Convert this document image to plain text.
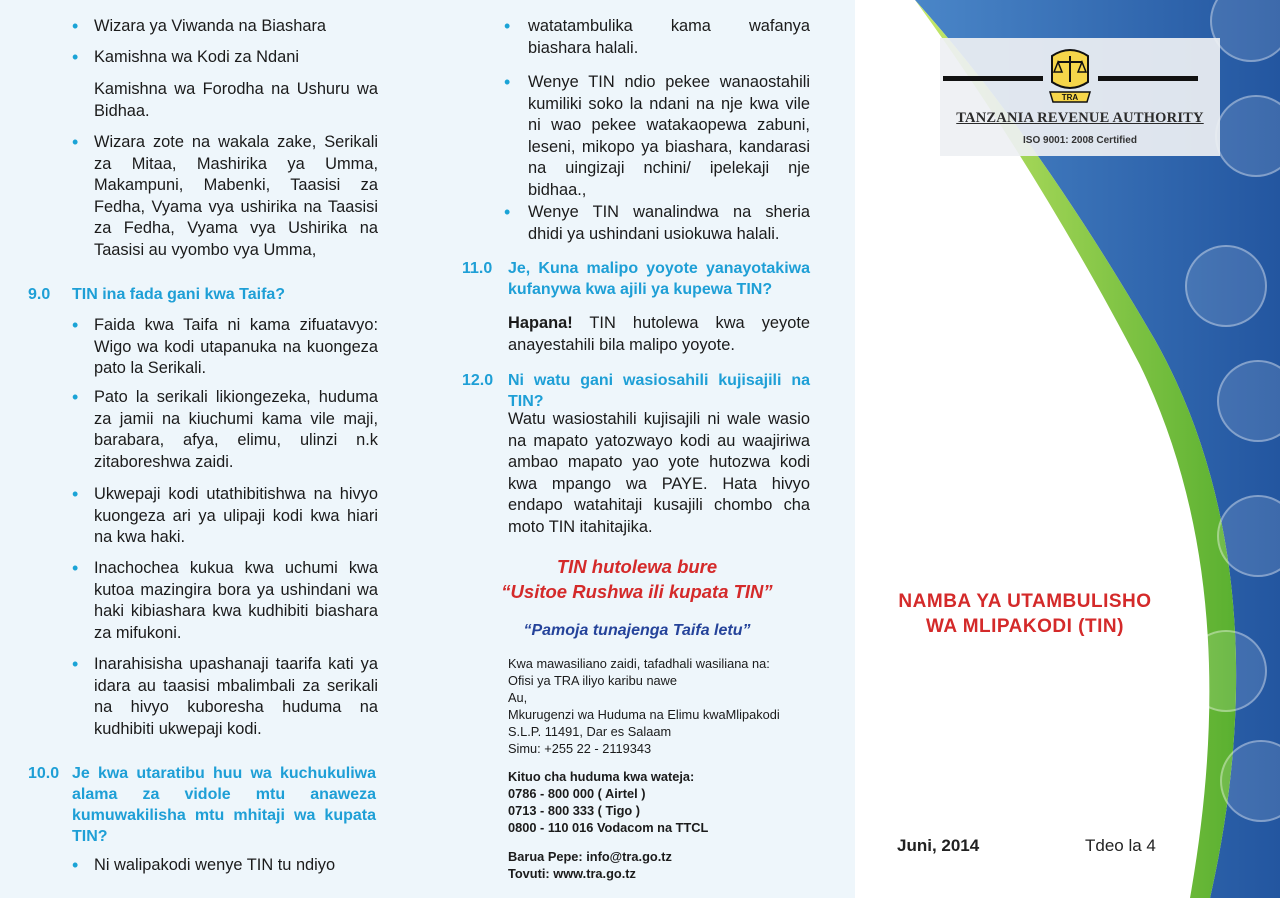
• Wizara ya Viwanda na Biashara

• Kamishna wa Kodi za Ndani

Kamishna wa Forodha na Ushuru wa Bidhaa.

• Wizara zote na wakala zake, Serikali za Mitaa, Mashirika ya Umma, Makampuni, Mabenki, Taasisi za Fedha, Vyama vya ushirika na Taasisi za Fedha, Vyama vya Ushirika na Taasisi au vyombo vya Umma,

9.0 TIN ina fada gani kwa Taifa?

• Faida kwa Taifa ni kama zifuatavyo: Wigo wa kodi utapanuka na kuongeza pato la Serikali.

• Pato la serikali likiongezeka, huduma za jamii na kiuchumi kama vile maji, barabara, afya, elimu, ulinzi n.k zitaboreshwa zaidi.

• Ukwepaji kodi utathibitishwa na hivyo kuongeza ari ya ulipaji kodi kwa hiari na kwa haki.

• Inachochea kukua kwa uchumi kwa kutoa mazingira bora ya ushindani wa haki kibiashara kwa kudhibiti biashara za mifukoni.

• Inarahisisha upashanaji taarifa kati ya idara au taasisi mbalimbali za serikali na hivyo kuboresha huduma na kudhibiti ukwepaji kodi.

10.0 Je kwa utaratibu huu wa kuchukuliwa alama za vidole mtu anaweza kumuwakilisha mtu mhitaji wa kupata TIN?

• Ni walipakodi wenye TIN tu ndiyo

• watatambulika kama wafanya biashara halali.

• Wenye TIN ndio pekee wanaostahili kumiliki soko la ndani na nje kwa vile ni wao pekee watakaopewa zabuni, leseni, mikopo ya biashara, kandarasi na uingizaji nchini/ ipelekaji nje bidhaa.,

• Wenye TIN wanalindwa na sheria dhidi ya ushindani usiokuwa halali.

11.0 Je, Kuna malipo yoyote yanayotakiwa kufanywa kwa ajili ya kupewa TIN?

Hapana! TIN hutolewa kwa yeyote anayestahili bila malipo yoyote.

12.0 Ni watu gani wasiosahili kujisajili na TIN?

Watu wasiostahili kujisajili ni wale wasio na mapato yatozwayo kodi au waajiriwa ambao mapato yao yote hutozwa kodi kwa mpango wa PAYE. Hata hivyo endapo watahitaji kusajili chombo cha moto TIN itahitajika.

TIN hutolewa bure

“Usitoe Rushwa ili kupata TIN”

“Pamoja tunajenga Taifa letu”

Kwa mawasiliano zaidi, tafadhali wasiliana na:

Ofisi ya TRA iliyo karibu nawe

Au,

Mkurugenzi wa Huduma na Elimu kwaMlipakodi

S.L.P. 11491, Dar es Salaam

Simu: +255 22 - 2119343

Kituo cha huduma kwa wateja:

0786 - 800 000 ( Airtel )

0713 - 800 333 ( Tigo )

0800 - 110 016 Vodacom na TTCL

Barua Pepe: info@tra.go.tz

Tovuti: www.tra.go.tz

TRA
TANZANIA REVENUE AUTHORITY
ISO 9001: 2008 Certified
NAMBA YA UTAMBULISHO
WA MLIPAKODI (TIN)
Juni, 2014	Tdeo la 4
